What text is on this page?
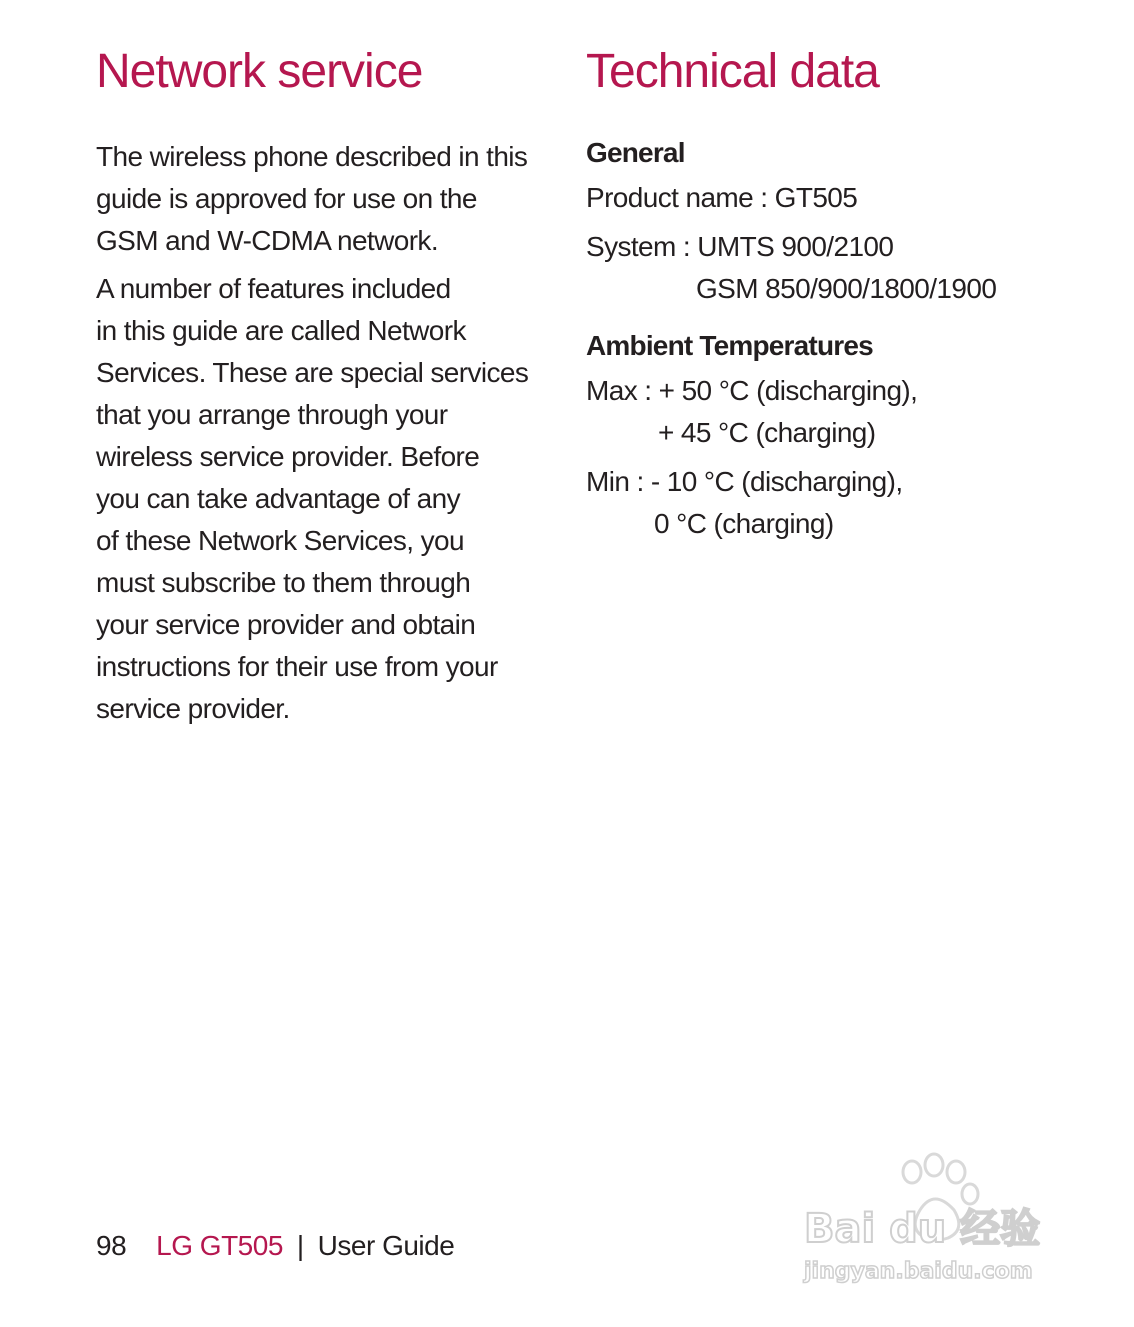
Network service

The wireless phone described in this
guide is approved for use on the
GSM and W-CDMA network.

A number of features included
in this guide are called Network
Services. These are special services
that you arrange through your
wireless service provider. Before
you can take advantage of any
of these Network Services, you
must subscribe to them through
your service provider and obtain
instructions for their use from your
service provider.

Technical data
General

Product name : GT505

System : UMTS 900/2100

GSM 850/900/1800/1900

Ambient Temperatures

Max : + 50 °C (discharging),

+ 45 °C (charging)

Min : - 10 °C (discharging),

0 °C (charging)

98 LG GT505 | User Guide	Bai du 经验
jingyan.baidu.com
